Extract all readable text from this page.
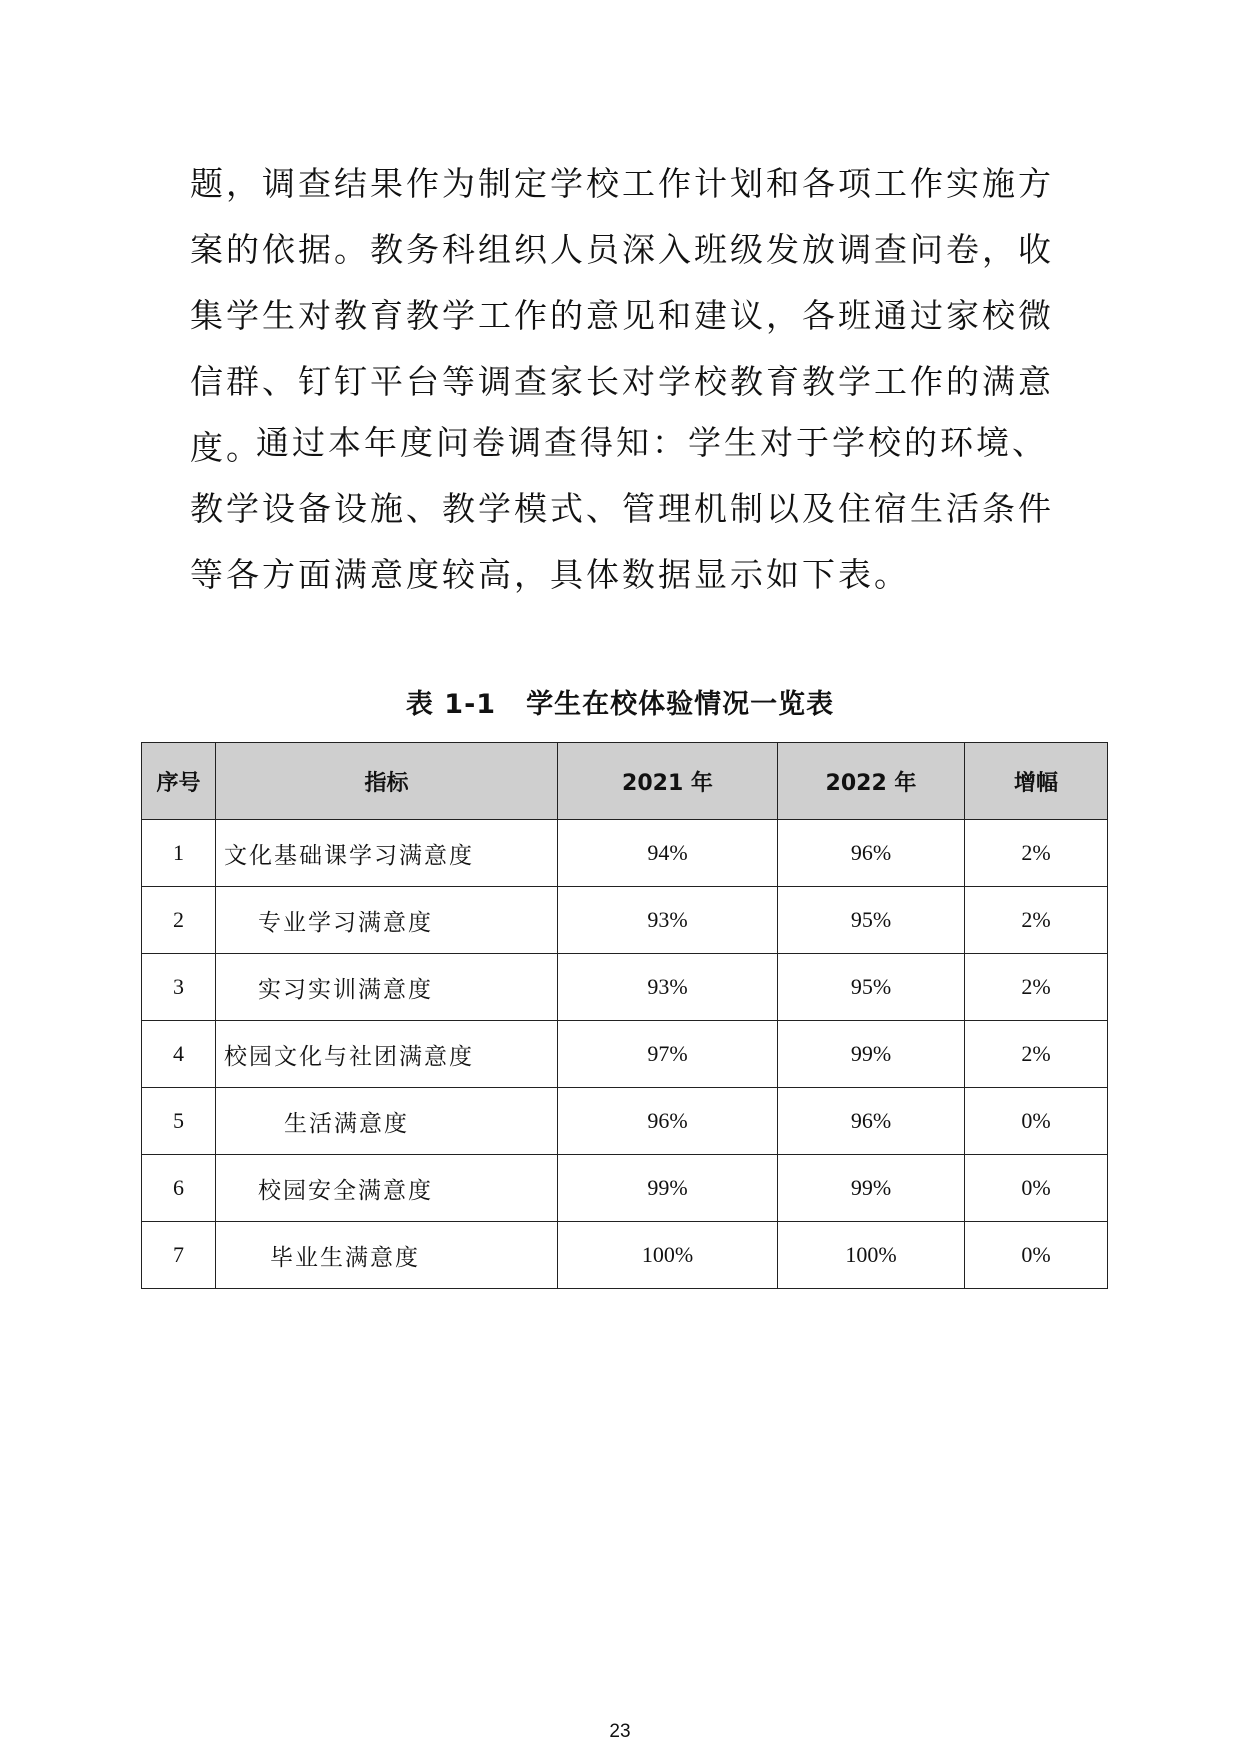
题，调查结果作为制定学校工作计划和各项工作实施方案的依据。教务科组织人员深入班级发放调查问卷，收集学生对教育教学工作的意见和建议，各班通过家校微信群、钉钉平台等调查家长对学校教育教学工作的满意度。

通过本年度问卷调查得知：学生对于学校的环境、教学设备设施、教学模式、管理机制以及住宿生活条件等各方面满意度较高，具体数据显示如下表。

表 1-1 学生在校体验情况一览表
序号	指标	2021 年	2022 年	增幅
1	文化基础课学习满意度	94%	96%	2%
2	专业学习满意度	93%	95%	2%
3	实习实训满意度	93%	95%	2%
4	校园文化与社团满意度	97%	99%	2%
5	生活满意度	96%	96%	0%
6	校园安全满意度	99%	99%	0%
7	毕业生满意度	100%	100%	0%
23
